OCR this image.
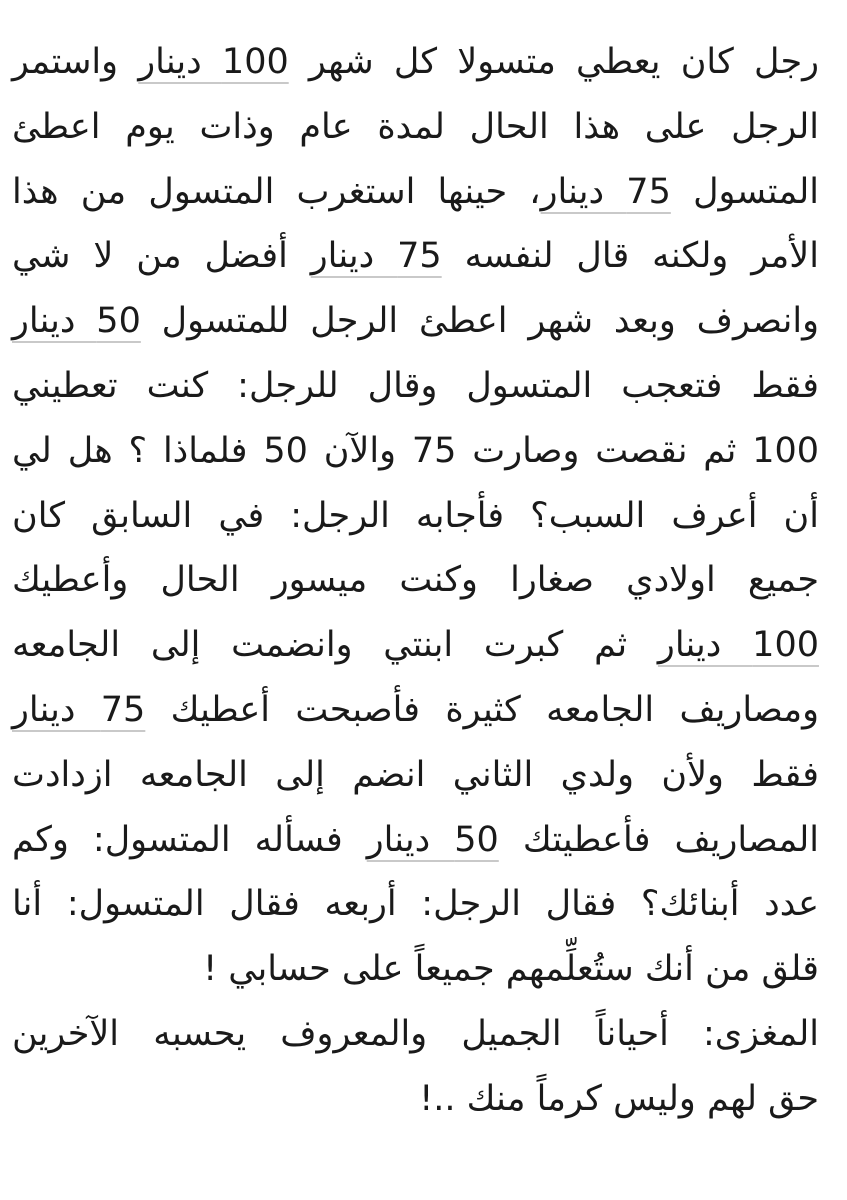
رجل كان يعطي متسولا كل شهر 100 دينار واستمر
الرجل على هذا الحال لمدة عام وذات يوم اعطئ
المتسول 75 دينار، حينها استغرب المتسول من هذا
الأمر ولكنه قال لنفسه 75 دينار أفضل من لا شي
وانصرف وبعد شهر اعطئ الرجل للمتسول 50 دينار
فقط فتعجب المتسول وقال للرجل: كنت تعطيني
100 ثم نقصت وصارت 75 والآن 50 فلماذا ؟ هل لي
أن أعرف السبب؟ فأجابه الرجل: في السابق كان
جميع اولادي صغارا وكنت ميسور الحال وأعطيك
100 دينار ثم كبرت ابنتي وانضمت إلى الجامعه
ومصاريف الجامعه كثيرة فأصبحت أعطيك 75 دينار
فقط ولأن ولدي الثاني انضم إلى الجامعه ازدادت
المصاريف فأعطيتك 50 دينار فسأله المتسول: وكم
عدد أبنائك؟ فقال الرجل: أربعه فقال المتسول: أنا
قلق من أنك ستُعلِّمهم جميعاً على حسابي !
المغزى: أحياناً الجميل والمعروف يحسبه الآخرين
حق لهم وليس كرماً منك ..!
